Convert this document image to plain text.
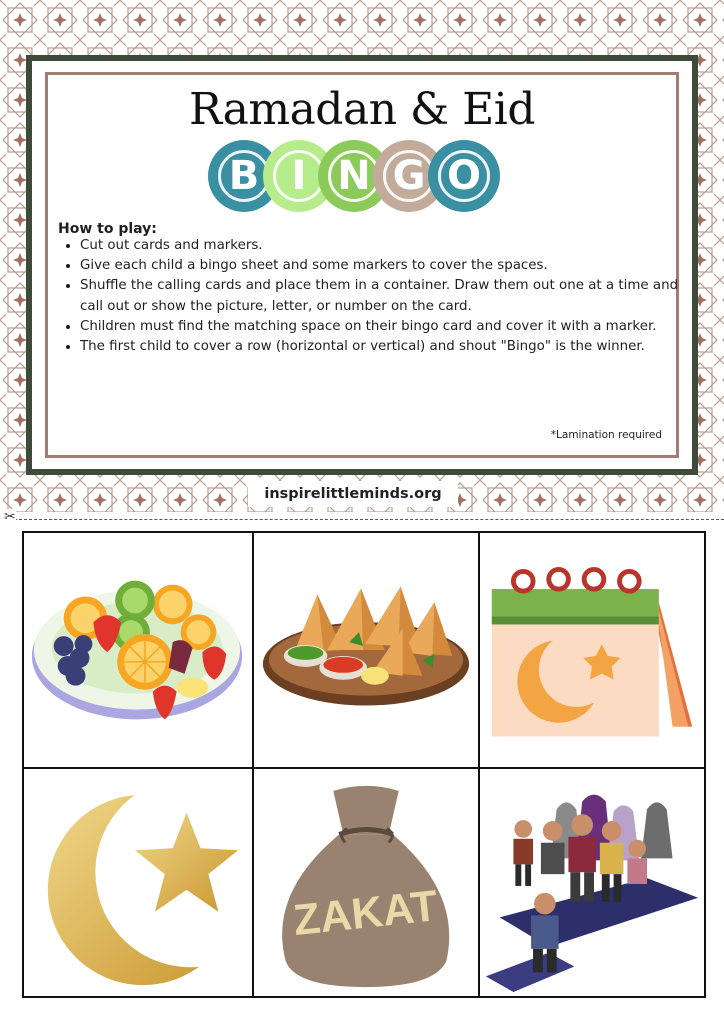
Ramadan & Eid
B I N G O
How to play:
• Cut out cards and markers.
• Give each child a bingo sheet and some markers to cover the spaces.
• Shuffle the calling cards and place them in a container. Draw them out one at a time and call out or show the picture, letter, or number on the card.
• Children must find the matching space on their bingo card and cover it with a marker.
• The first child to cover a row (horizontal or vertical) and shout "Bingo" is the winner.
*Lamination required
inspirelittleminds.org
✂
ZAKAT
